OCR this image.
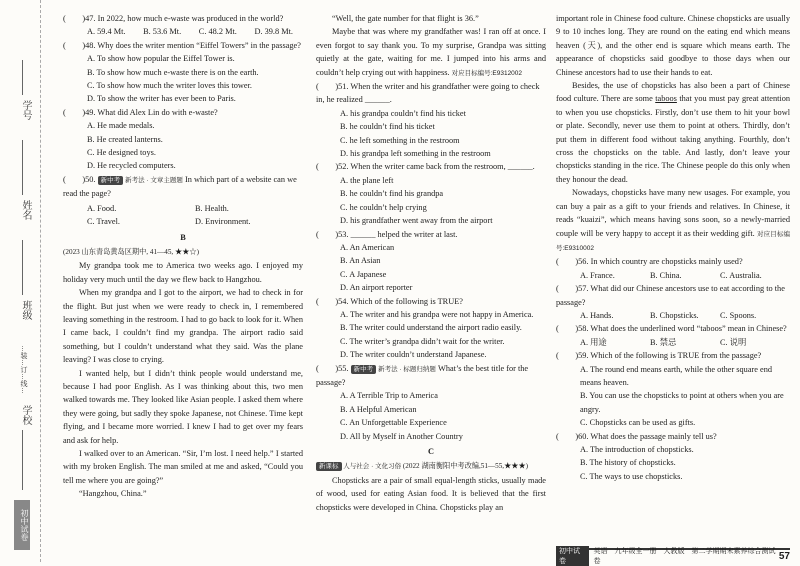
学号
姓名
班级
…装…订…线…
学校
初中试卷

(　　)47. In 2022, how much e-waste was produced in the world?

A. 59.4 Mt. B. 53.6 Mt. C. 48.2 Mt. D. 39.8 Mt.

(　　)48. Why does the writer mention “Eiffel Towers” in the passage?

A. To show how popular the Eiffel Tower is.

B. To show how much e-waste there is on the earth.

C. To show how much the writer loves this tower.

D. To show the writer has ever been to Paris.

(　　)49. What did Alex Lin do with e-waste?

A. He made medals.

B. He created lanterns.

C. He designed toys.

D. He recycled computers.

(　　)50. 新中考 新考法 · 文章主题题 In which part of a website can we read the page?

A. Food.	B. Health.
C. Travel.	D. Environment.

B

(2023 山东青岛黄岛区期中, 41—45, ★★☆)

My grandpa took me to America two weeks ago. I enjoyed my holiday very much until the day we flew back to Hangzhou.

When my grandpa and I got to the airport, we had to check in for the flight. But just when we were ready to check in, I remembered leaving something in the restroom. I had to go back to look for it. When I came back, I couldn’t find my grandpa. The airport radio said something, but I couldn’t understand what they said. Was the plane leaving? I was close to crying.

I wanted help, but I didn’t think people would understand me, because I had poor English. As I was thinking about this, two men walked towards me. They looked like Asian people. I asked them where they were going, but sadly they spoke Japanese, not Chinese. Time kept flying, and I became more worried. I knew I had to get over my fears and ask for help.

I walked over to an American. “Sir, I’m lost. I need help.” I started with my broken English. The man smiled at me and asked, “Could you tell me where you are going?”

“Hangzhou, China.”

“Well, the gate number for that flight is 36.”

Maybe that was where my grandfather was! I ran off at once. I even forgot to say thank you. To my surprise, Grandpa was sitting quietly at the gate, waiting for me. I jumped into his arms and couldn’t help crying out with happiness. 对应目标编号:E9312002

(　　)51. When the writer and his grandfather were going to check in, he realized ______.

A. his grandpa couldn’t find his ticket

B. he couldn’t find his ticket

C. he left something in the restroom

D. his grandpa left something in the restroom

(　　)52. When the writer came back from the restroom, ______.

A. the plane left

B. he couldn’t find his grandpa

C. he couldn’t help crying

D. his grandfather went away from the airport

(　　)53. ______ helped the writer at last.

A. An American

B. An Asian

C. A Japanese

D. An airport reporter

(　　)54. Which of the following is TRUE?

A. The writer and his grandpa were not happy in America.

B. The writer could understand the airport radio easily.

C. The writer’s grandpa didn’t wait for the writer.

D. The writer couldn’t understand Japanese.

(　　)55. 新中考 新考法 · 标题归纳题 What’s the best title for the passage?

A. A Terrible Trip to America

B. A Helpful American

C. An Unforgettable Experience

D. All by Myself in Another Country

C

新课标 人与社会 · 文化习俗 (2022 湖南衡阳中考改编,51—55,★★★)

Chopsticks are a pair of small equal-length sticks, usually made of wood, used for eating Asian food. It is believed that the first chopsticks were developed in China. Chopsticks play an

important role in Chinese food culture. Chinese chopsticks are usually 9 to 10 inches long. They are round on the eating end which means heaven (天), and the other end is square which means earth. The appearance of chopsticks said goodbye to those days when our Chinese ancestors had to use their hands to eat.

Besides, the use of chopsticks has also been a part of Chinese food culture. There are some taboos that you must pay great attention to when you use chopsticks. Firstly, don’t use them to hit your bowl or plate. Secondly, never use them to point at others. Thirdly, don’t put them in different food without taking anything. Fourthly, don’t cross the chopsticks on the table. And lastly, don’t leave your chopsticks standing in the rice. The Chinese people do this only when they honour the dead.

Nowadays, chopsticks have many new usages. For example, you can buy a pair as a gift to your friends and relatives. In Chinese, it reads “kuaizi”, which means having sons soon, so a newly-married couple will be very happy to accept it as their wedding gift. 对应目标编号:E9310002

(　　)56. In which country are chopsticks mainly used?

A. France.	B. China.	C. Australia.

(　　)57. What did our Chinese ancestors use to eat according to the passage?

A. Hands.	B. Chopsticks.	C. Spoons.

(　　)58. What does the underlined word “taboos” mean in Chinese?

A. 用途	B. 禁忌	C. 说明

(　　)59. Which of the following is TRUE from the passage?

A. The round end means earth, while the other square end means heaven.

B. You can use the chopsticks to point at others when you are angry.

C. Chopsticks can be used as gifts.

(　　)60. What does the passage mainly tell us?

A. The introduction of chopsticks.

B. The history of chopsticks.

C. The ways to use chopsticks.

初中试卷
英语　九年级全一册　人教版　第二学期期末素养综合测试卷	57
